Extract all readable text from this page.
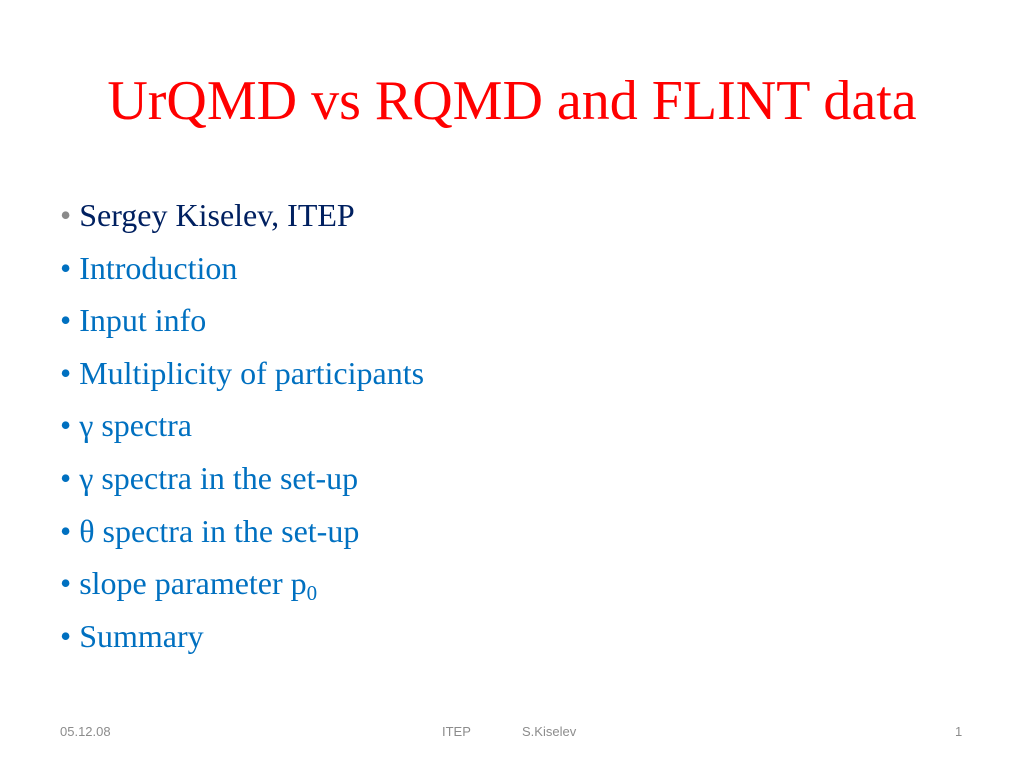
UrQMD vs RQMD and FLINT data
• Sergey Kiselev, ITEP
• Introduction
• Input info
• Multiplicity of participants
• γ spectra
• γ spectra in the set-up
• θ spectra in the set-up
• slope parameter $p_0$
• Summary
05.12.08	ITEP	S.Kiselev	1
